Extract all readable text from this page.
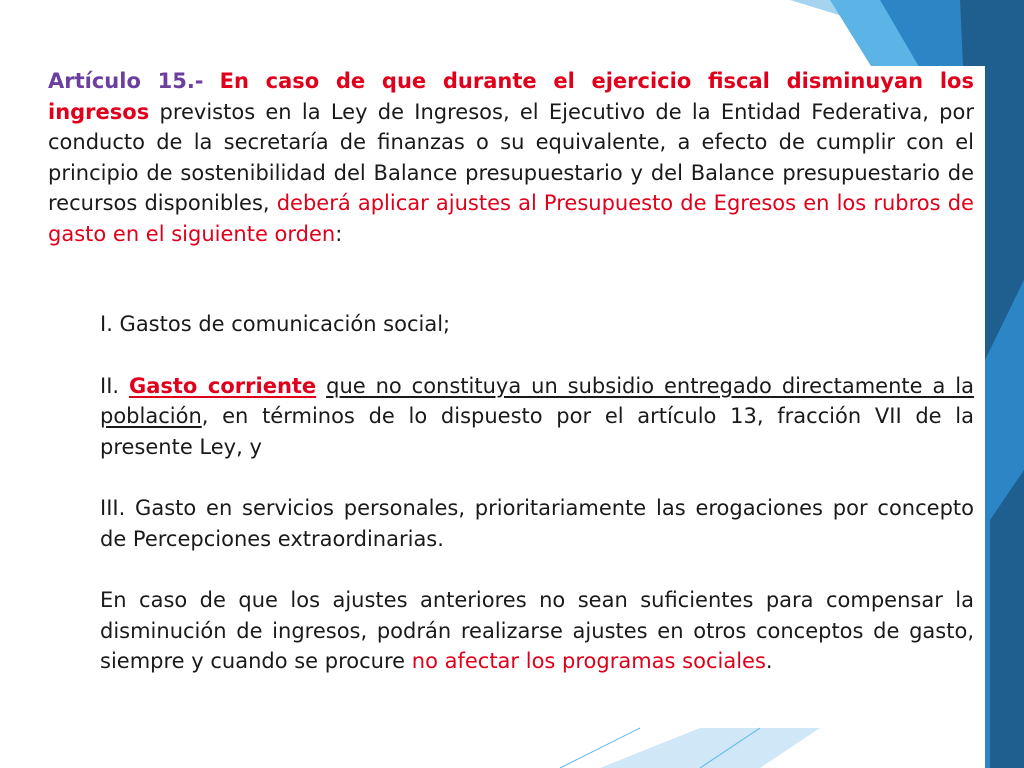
Artículo 15.- En caso de que durante el ejercicio fiscal disminuyan los ingresos previstos en la Ley de Ingresos, el Ejecutivo de la Entidad Federativa, por conducto de la secretaría de finanzas o su equivalente, a efecto de cumplir con el principio de sostenibilidad del Balance presupuestario y del Balance presupuestario de recursos disponibles, deberá aplicar ajustes al Presupuesto de Egresos en los rubros de gasto en el siguiente orden:

I. Gastos de comunicación social;

II. Gasto corriente que no constituya un subsidio entregado directamente a la población, en términos de lo dispuesto por el artículo 13, fracción VII de la presente Ley, y

III. Gasto en servicios personales, prioritariamente las erogaciones por concepto de Percepciones extraordinarias.

En caso de que los ajustes anteriores no sean suficientes para compensar la disminución de ingresos, podrán realizarse ajustes en otros conceptos de gasto, siempre y cuando se procure no afectar los programas sociales.
